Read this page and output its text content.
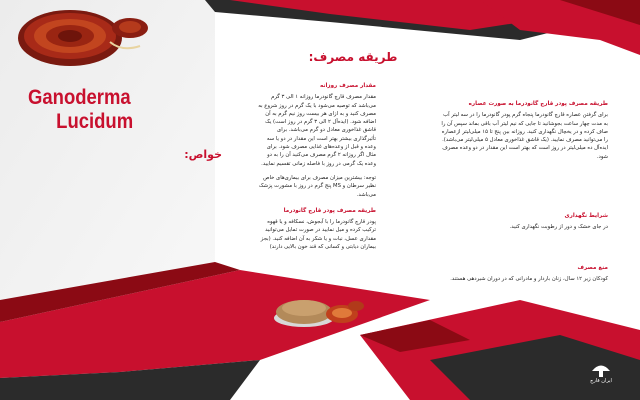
Ganoderma
Lucidum
خواص:
طریقه مصرف:
مقدار مصرف روزانه

مقدار مصرف قارچ گانودرما روزانه ۱ الی ۳ گرم می‌باشد که توصیه می‌شود با یک گرم در روز شروع به مصرف کنید و به ازای هر بیست روز نیم گرم به آن اضافه شود. (ایده‌آل ۲ الی ۳ گرم در روز است) یک قاشق غذاخوری معادل دو گرم می‌باشد. برای تأثیرگذاری بیشتر بهتر است این مقدار در دو یا سه وعده و قبل از وعده‌های غذایی مصرف شود. برای مثال اگر روزانه ۲ گرم مصرف می‌کنید آن را به دو وعده یک گرمی در روز با فاصله زمانی تقسیم نمایید.

توجه: بیشترین میزان مصرف برای بیماری‌های خاص نظیر سرطان و MS پنج گرم در روز با مشورت پزشک می‌باشد.

طریقه مصرف پودر قارچ گانودرما

پودر قارچ گانودرما را با آبجوش، نسکافه و یا قهوه ترکیب کرده و میل نمایید در صورت تمایل می‌توانید مقداری عسل، نبات و یا شکر به آن اضافه کنید. (بجز بیماران دیابتی و کسانی که قند خون بالایی دارند)

طریقه مصرف پودر قارچ گانودرما به صورت عصاره

برای گرفتن عصاره قارچ گانودرما پنجاه گرم پودر گانودرما را در سه لیتر آب به مدت چهار ساعت بجوشانید تا جایی که نیم لیتر آب باقی بماند سپس آن را صاف کرده و در یخچال نگهداری کنید. روزانه بین پنج تا ۱۵ میلی‌لیتر ازعصاره را می‌توانید مصرف نمایید. (یک قاشق غذاخوری معادل ۵ میلی‌لیتر می‌باشد). ایده‌آل ده میلی‌لیتر در روز است که بهتر است این مقدار در دو وعده مصرف شود.

شرایط نگهداری

در جای خشک و دور از رطوبت نگهداری کنید.

منع مصرف

کودکان زیر ۱۲ سال، زنان باردار و مادرانی که در دوران شیردهی هستند.

ایران قارچ
